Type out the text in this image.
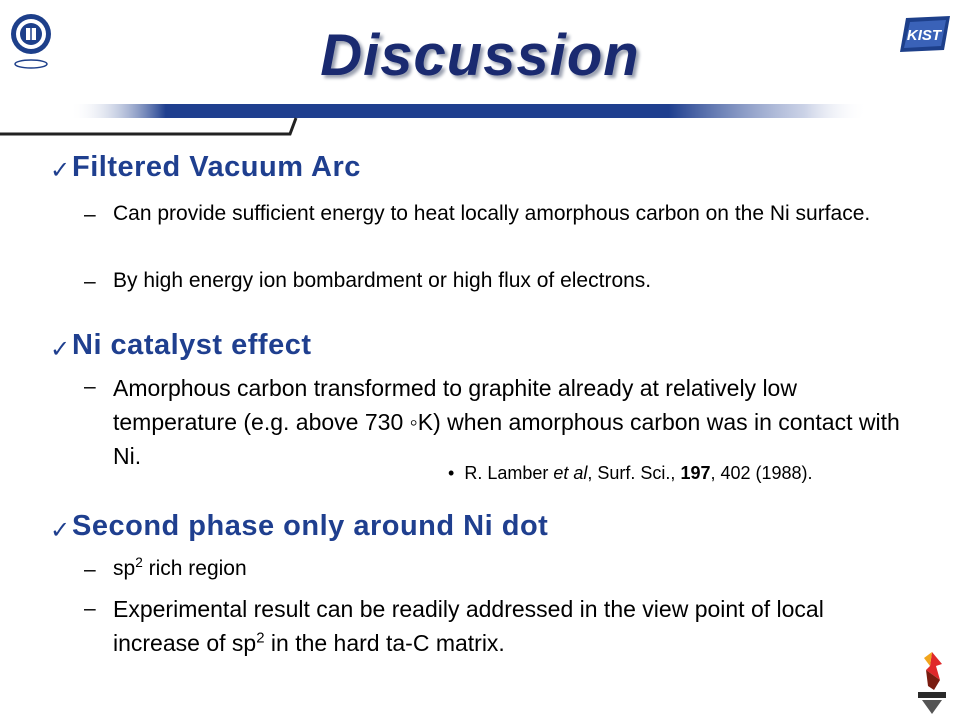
KIST
Discussion
✓ Filtered Vacuum Arc
– Can provide sufficient energy to heat locally amorphous carbon on the Ni surface.
– By high energy ion bombardment or high flux of electrons.
✓ Ni catalyst effect
– Amorphous carbon transformed to graphite already at relatively low temperature (e.g. above 730 ◦K) when amorphous carbon was in contact with Ni.
• R. Lamber et al, Surf. Sci., 197, 402 (1988).
✓ Second phase only around Ni dot
– $sp^2$ rich region
– Experimental result can be readily addressed in the view point of local increase of $sp^2$ in the hard ta-C matrix.
